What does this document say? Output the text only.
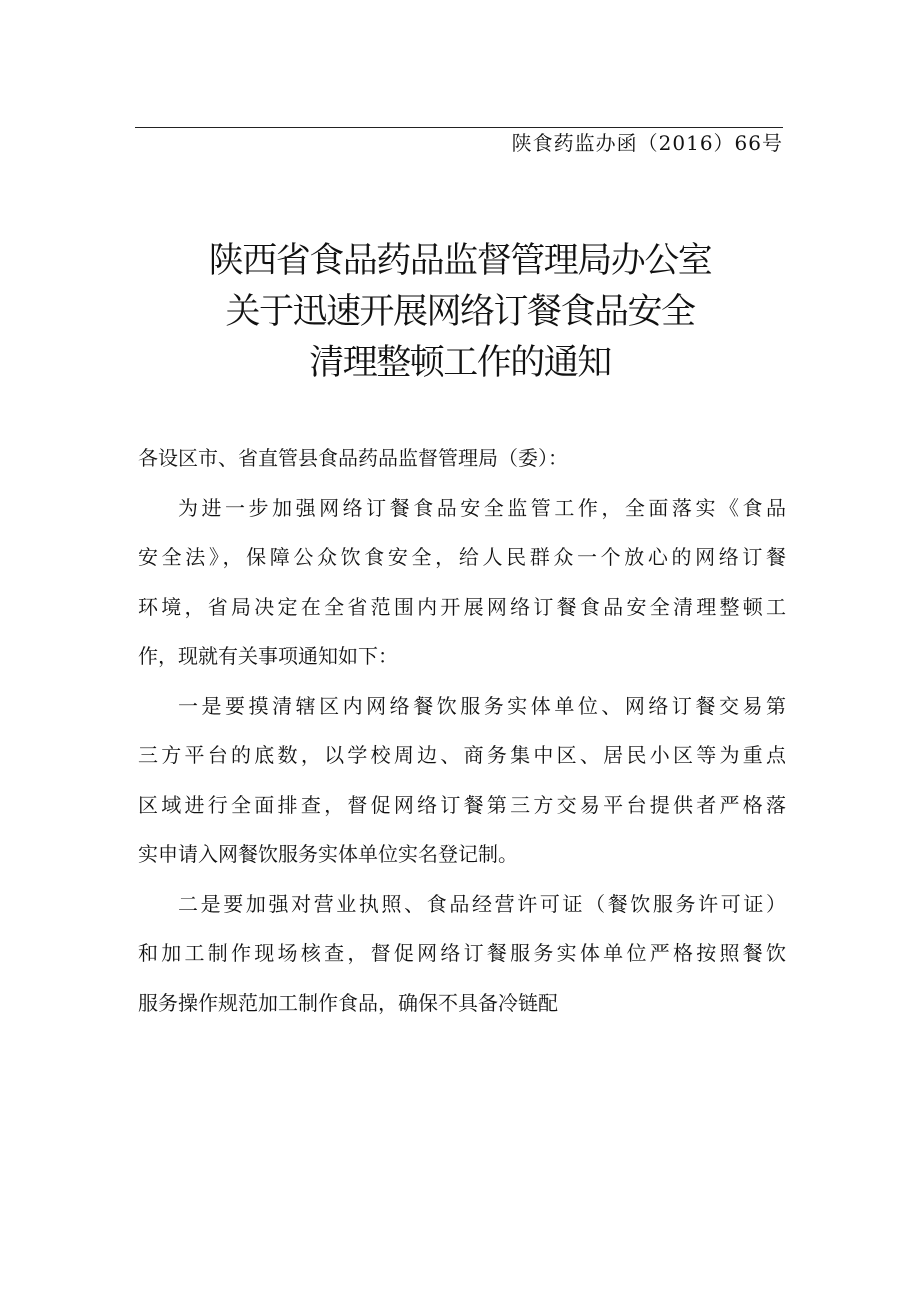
陕食药监办函（2016）66号
陕西省食品药品监督管理局办公室
关于迅速开展网络订餐食品安全
清理整顿工作的通知
各设区市、省直管县食品药品监督管理局（委）：
为进一步加强网络订餐食品安全监管工作，全面落实《食品
安全法》，保障公众饮食安全，给人民群众一个放心的网络订餐
环境，省局决定在全省范围内开展网络订餐食品安全清理整顿工
作，现就有关事项通知如下：
一是要摸清辖区内网络餐饮服务实体单位、网络订餐交易第
三方平台的底数，以学校周边、商务集中区、居民小区等为重点
区域进行全面排查，督促网络订餐第三方交易平台提供者严格落
实申请入网餐饮服务实体单位实名登记制。
二是要加强对营业执照、食品经营许可证（餐饮服务许可证）
和加工制作现场核查，督促网络订餐服务实体单位严格按照餐饮
服务操作规范加工制作食品，确保不具备冷链配
